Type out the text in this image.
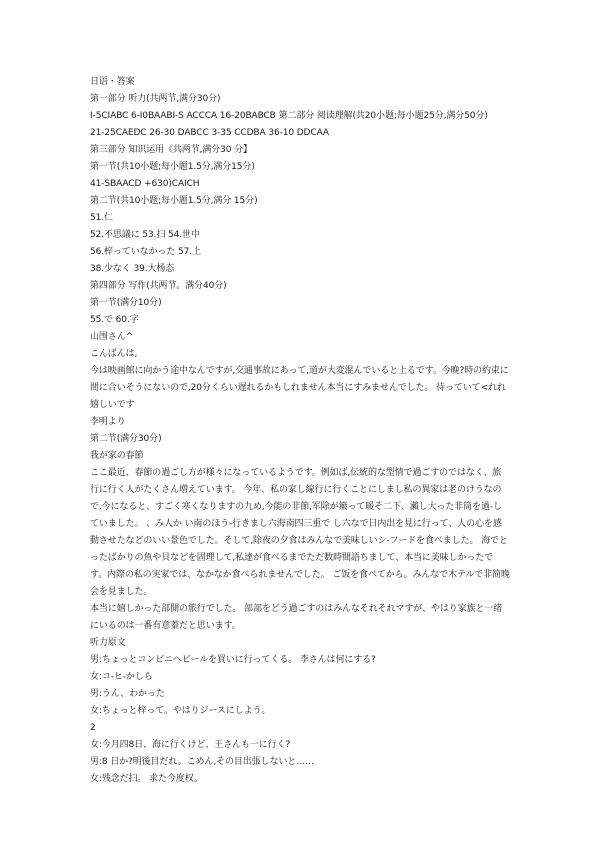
日语・答案
第一部分 听力(共两节,满分30分)
I-5CIABC 6-I0BAABI-S ACCCA 16-20BABCB 第二部分 阅读理解(共20小题;每小题25分,满分50分)
21-25CAEDC 26-30 DABCC 3-35 CCDBA 36-10 DDCAA
第三部分 知识运用《共两节,满分30 分】
第一节(共10小题;每小题1.5分,满分15分)
41-SBAACD +630)CAICH
第二节(共10小题;每小题1.5分,满分 15分)
51.仁
52.不思議に 53.扫 54.世中
56.梓っていなかった 57.上
38.少なく 39.大杨态
第四部分 写作(共两节。满分40分)
第一节(满分10分)
55.で 60.字
山围さん^
こんばんは,
今は映画館に向かう途中なんですが,交通事故にあって,道が大変混んでいると上るです。今晚?時の約束に間に合いそうにないので,20分くらい遅れるかもしれません本当にすみませんでした。 待っていて<れれ嬉しいです
李明より
第二节(满分30分)
我が家の春節
ここ最近、春節の過ごし方が様々になっているようです。例如ば,伝統的な型情で過ごすのではなく、旅行に行く人がたくさん増えています。 今年、私の家し線行に行くことにしまし私の異家は老のけうなので,今になると、すごく寒くなりますの九め,今能の非節,军除が簸って暖そ二下、瀨し大った非筒を過-していました。 、み人か い南のほう-行きまし六海南四三重で し六なで日内出を見に行って、人の心を感動させたなどのいい景色でした。そして,除夜の夕食はみんなで美味しいシ-フードを食べました。 海でとったばかりの魚や貝などを固理して,私達が食べるまでただ数時間語ちまして、本当に美味しかったです。内際の私の実家では、なかなか食べられませんでした。 ご饭を食べてから。みんなで木テルで非简晚会を見ました。
本当に嬉しかった部開の旅行でした。 部部をどう過ごすのはみんなそれそれマすが、やはり家族と一绪にいるのは一番有意蓁だと思います。
听力原文
男:ちょっとコンビニへビールを買いに行ってくる。 李さんは何にする?
女:コ-ヒ-かしら
男:うん、わかった
女:ちょっと梓って。やはりジースにしよう。
2
女:今月四8日、海に行くけど、王さんも一に行く?
男:8 日か?明後目だれ。こめん,その目出張しないと……
女:残念だ扫。 求た今度权。
